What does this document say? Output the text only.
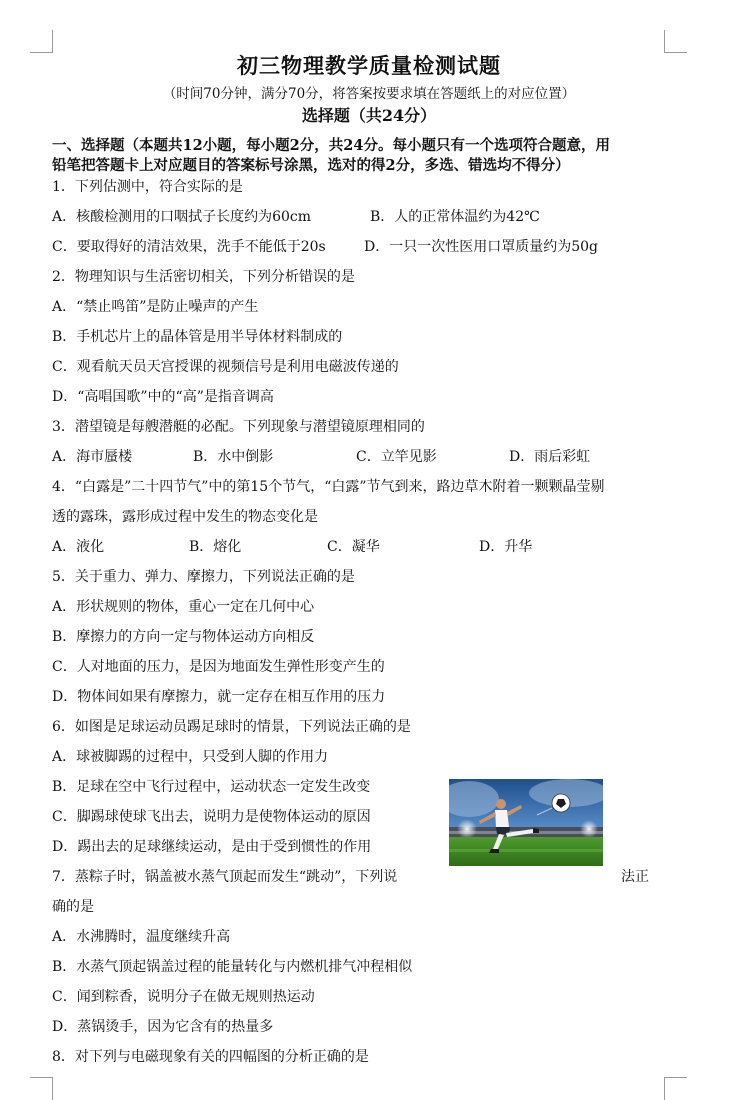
初三物理教学质量检测试题
（时间70分钟，满分70分，将答案按要求填在答题纸上的对应位置）
选择题（共24分）
一、选择题（本题共12小题，每小题2分，共24分。每小题只有一个选项符合题意，用
铅笔把答题卡上对应题目的答案标号涂黑，选对的得2分，多选、错选均不得分）
1．下列估测中，符合实际的是
A．核酸检测用的口咽拭子长度约为60cm	B．人的正常体温约为42℃
C．要取得好的清洁效果，洗手不能低于20s	D．一只一次性医用口罩质量约为50g
2．物理知识与生活密切相关，下列分析错误的是
A．“禁止鸣笛”是防止噪声的产生
B．手机芯片上的晶体管是用半导体材料制成的
C．观看航天员天宫授课的视频信号是利用电磁波传递的
D．“高唱国歌”中的“高”是指音调高
3．潜望镜是每艘潜艇的必配。下列现象与潜望镜原理相同的
A．海市蜃楼	B．水中倒影	C．立竿见影	D．雨后彩虹
4．“白露是”二十四节气”中的第15个节气，“白露”节气到来，路边草木附着一颗颗晶莹剔
透的露珠，露形成过程中发生的物态变化是
A．液化	B．熔化	C．凝华	D．升华
5．关于重力、弹力、摩擦力，下列说法正确的是
A．形状规则的物体，重心一定在几何中心
B．摩擦力的方向一定与物体运动方向相反
C．人对地面的压力，是因为地面发生弹性形变产生的
D．物体间如果有摩擦力，就一定存在相互作用的压力
6．如图是足球运动员踢足球时的情景，下列说法正确的是
A．球被脚踢的过程中，只受到人脚的作用力
B．足球在空中飞行过程中，运动状态一定发生改变
C．脚踢球使球飞出去，说明力是使物体运动的原因
D．踢出去的足球继续运动，是由于受到惯性的作用
7．蒸粽子时，锅盖被水蒸气顶起而发生“跳动”，下列说	法正
确的是
A．水沸腾时，温度继续升高
B．水蒸气顶起锅盖过程的能量转化与内燃机排气冲程相似
C．闻到粽香，说明分子在做无规则热运动
D．蒸锅烫手，因为它含有的热量多
8．对下列与电磁现象有关的四幅图的分析正确的是
